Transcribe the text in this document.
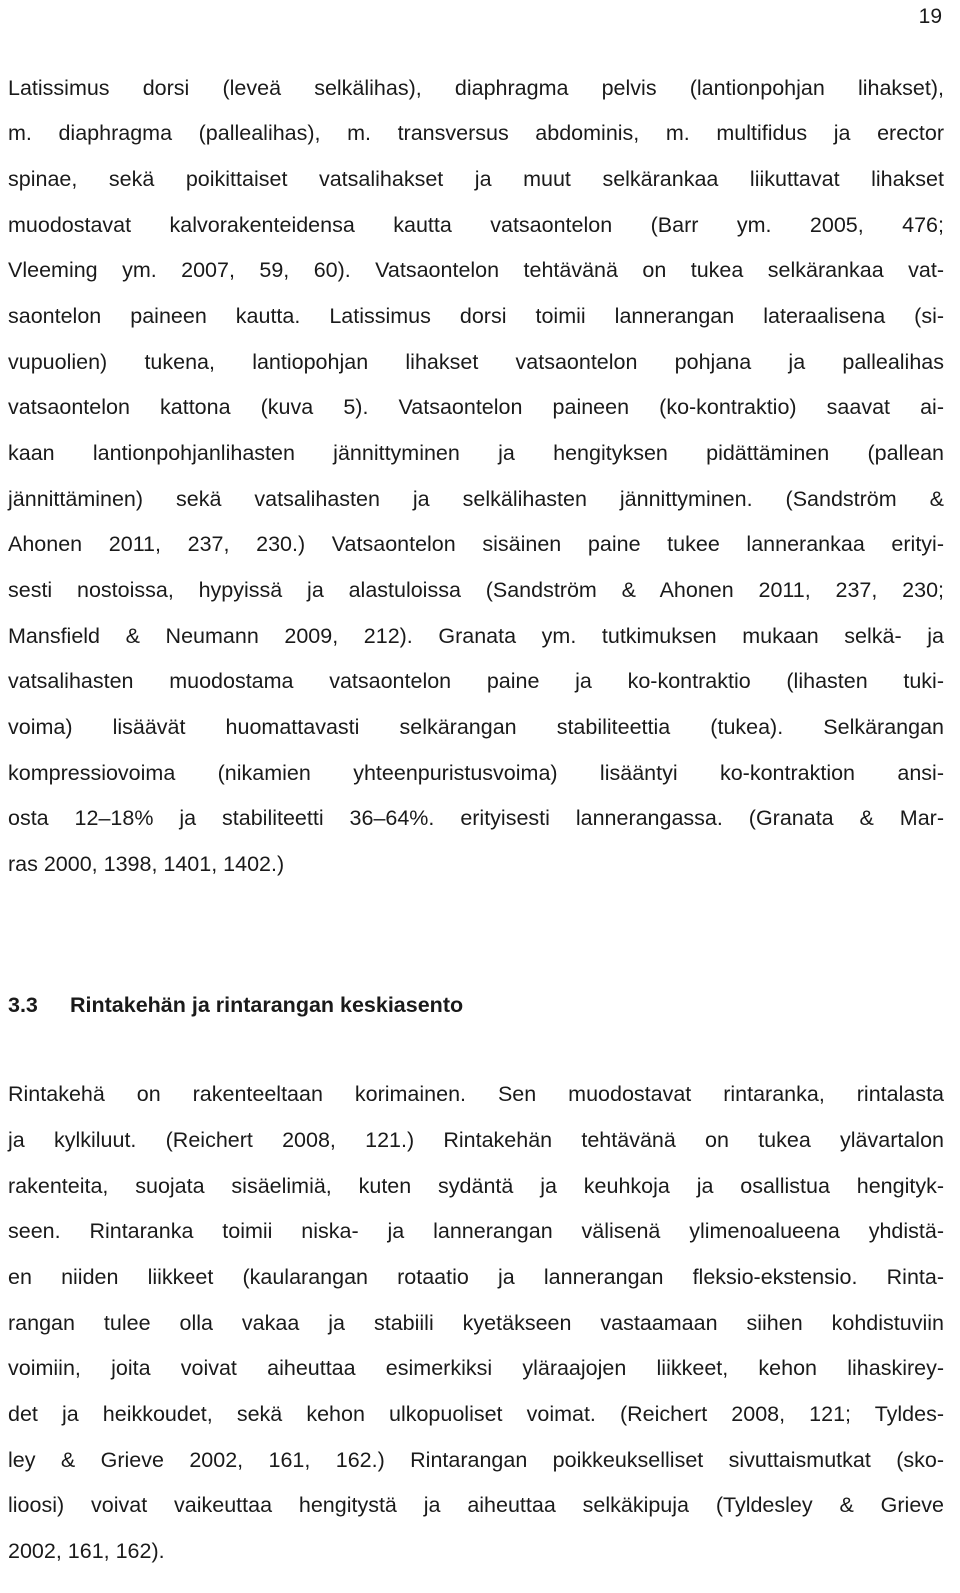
19
Latissimus dorsi (leveä selkälihas), diaphragma pelvis (lantionpohjan lihakset),
m. diaphragma (pallealihas), m. transversus abdominis, m. multifidus ja erector
spinae, sekä poikittaiset vatsalihakset ja muut selkärankaa liikuttavat lihakset
muodostavat kalvorakenteidensa kautta vatsaontelon (Barr ym. 2005, 476;
Vleeming ym. 2007, 59, 60). Vatsaontelon tehtävänä on tukea selkärankaa vat-
saontelon paineen kautta. Latissimus dorsi toimii lannerangan lateraalisena (si-
vupuolien) tukena, lantiopohjan lihakset vatsaontelon pohjana ja pallealihas
vatsaontelon kattona (kuva 5). Vatsaontelon paineen (ko-kontraktio) saavat ai-
kaan lantionpohjanlihasten jännittyminen ja hengityksen pidättäminen (pallean
jännittäminen) sekä vatsalihasten ja selkälihasten jännittyminen. (Sandström &
Ahonen 2011, 237, 230.) Vatsaontelon sisäinen paine tukee lannerankaa erityi-
sesti nostoissa, hypyissä ja alastuloissa (Sandström & Ahonen 2011, 237, 230;
Mansfield & Neumann 2009, 212). Granata ym. tutkimuksen mukaan selkä- ja
vatsalihasten muodostama vatsaontelon paine ja ko-kontraktio (lihasten tuki-
voima) lisäävät huomattavasti selkärangan stabiliteettia (tukea). Selkärangan
kompressiovoima (nikamien yhteenpuristusvoima) lisääntyi ko-kontraktion ansi-
osta 12–18% ja stabiliteetti 36–64%. erityisesti lannerangassa. (Granata & Mar-
ras 2000, 1398, 1401, 1402.)
3.3 Rintakehän ja rintarangan keskiasento
Rintakehä on rakenteeltaan korimainen. Sen muodostavat rintaranka, rintalasta
ja kylkiluut. (Reichert 2008, 121.) Rintakehän tehtävänä on tukea ylävartalon
rakenteita, suojata sisäelimiä, kuten sydäntä ja keuhkoja ja osallistua hengityk-
seen. Rintaranka toimii niska- ja lannerangan välisenä ylimenoalueena yhdistä-
en niiden liikkeet (kaularangan rotaatio ja lannerangan fleksio-ekstensio. Rinta-
rangan tulee olla vakaa ja stabiili kyetäkseen vastaamaan siihen kohdistuviin
voimiin, joita voivat aiheuttaa esimerkiksi yläraajojen liikkeet, kehon lihaskirey-
det ja heikkoudet, sekä kehon ulkopuoliset voimat. (Reichert 2008, 121; Tyldes-
ley & Grieve 2002, 161, 162.) Rintarangan poikkeukselliset sivuttaismutkat (sko-
lioosi) voivat vaikeuttaa hengitystä ja aiheuttaa selkäkipuja (Tyldesley & Grieve
2002, 161, 162).
